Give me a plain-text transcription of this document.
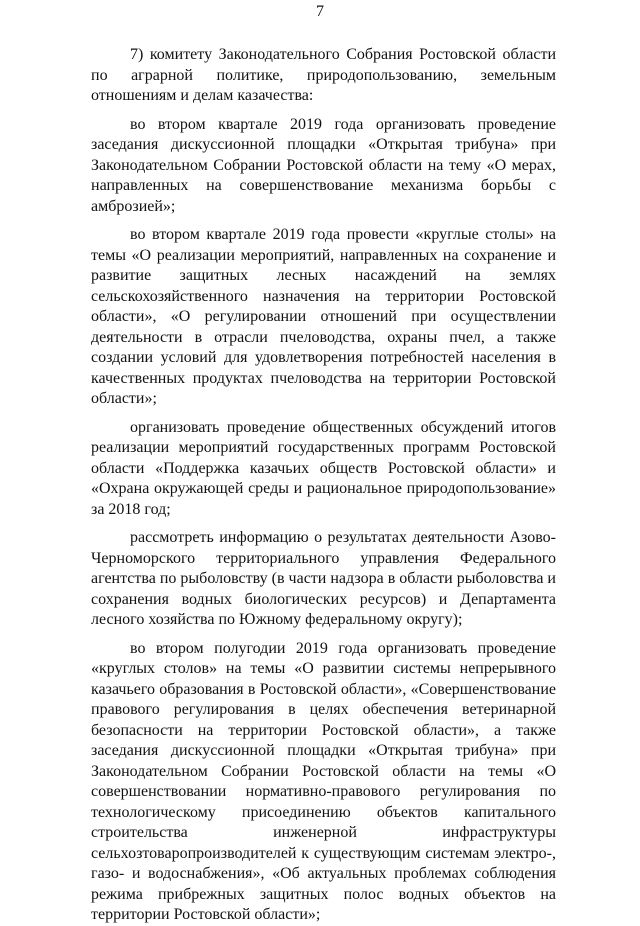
7

7) комитету Законодательного Собрания Ростовской области по аграрной политике, природопользованию, земельным отношениям и делам казачества:

во втором квартале 2019 года организовать проведение заседания дискуссионной площадки «Открытая трибуна» при Законодательном Собрании Ростовской области на тему «О мерах, направленных на совершенствование механизма борьбы с амброзией»;

во втором квартале 2019 года провести «круглые столы» на темы «О реализации мероприятий, направленных на сохранение и развитие защитных лесных насаждений на землях сельскохозяйственного назначения на территории Ростовской области», «О регулировании отношений при осуществлении деятельности в отрасли пчеловодства, охраны пчел, а также создании условий для удовлетворения потребностей населения в качественных продуктах пчеловодства на территории Ростовской области»;

организовать проведение общественных обсуждений итогов реализации мероприятий государственных программ Ростовской области «Поддержка казачьих обществ Ростовской области» и «Охрана окружающей среды и рациональное природопользование» за 2018 год;

рассмотреть информацию о результатах деятельности Азово-Черноморского территориального управления Федерального агентства по рыболовству (в части надзора в области рыболовства и сохранения водных биологических ресурсов) и Департамента лесного хозяйства по Южному федеральному округу);

во втором полугодии 2019 года организовать проведение «круглых столов» на темы «О развитии системы непрерывного казачьего образования в Ростовской области», «Совершенствование правового регулирования в целях обеспечения ветеринарной безопасности на территории Ростовской области», а также заседания дискуссионной площадки «Открытая трибуна» при Законодательном Собрании Ростовской области на темы «О совершенствовании нормативно-правового регулирования по технологическому присоединению объектов капитального строительства инженерной инфраструктуры сельхозтоваропроизводителей к существующим системам электро-, газо- и водоснабжения», «Об актуальных проблемах соблюдения режима прибрежных защитных полос водных объектов на территории Ростовской области»;
